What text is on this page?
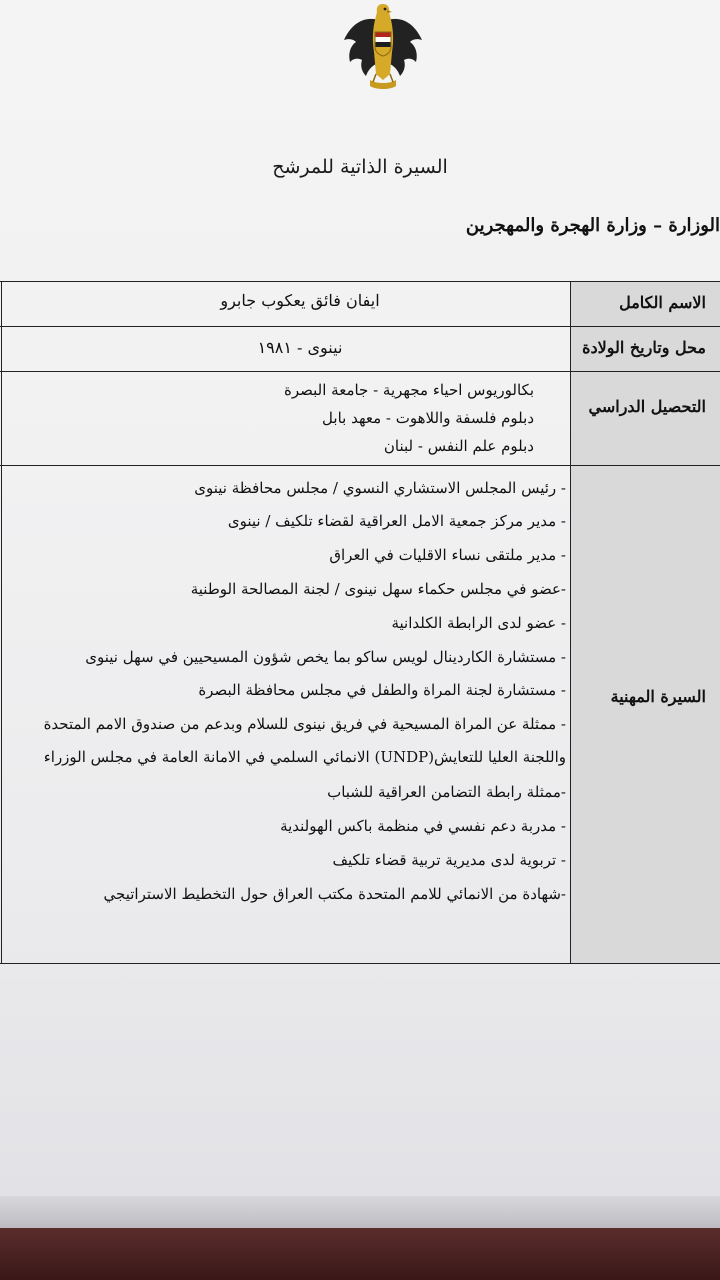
السيرة الذاتية للمرشح
الوزارة – وزارة الهجرة والمهجرين
الاسم الكامل
ايفان فائق يعكوب جابرو
محل وتاريخ الولادة
نينوى - ١٩٨١
التحصيل الدراسي
بكالوريوس احياء مجهرية - جامعة البصرة
دبلوم فلسفة واللاهوت - معهد بابل
دبلوم علم النفس - لبنان
السيرة المهنية
- رئيس المجلس الاستشاري النسوي / مجلس محافظة نينوى
- مدير مركز جمعية الامل العراقية لقضاء تلكيف / نينوى
- مدير ملتقى نساء الاقليات في العراق
-عضو في مجلس حكماء سهل نينوى / لجنة المصالحة الوطنية
- عضو لدى الرابطة الكلدانية
- مستشارة الكاردينال لويس ساكو بما يخص شؤون المسيحيين في سهل نينوى
- مستشارة لجنة المراة والطفل في مجلس محافظة البصرة
- ممثلة عن المراة المسيحية في فريق نينوى للسلام وبدعم من صندوق الامم المتحدة
واللجنة العليا للتعايش(UNDP) الانمائي السلمي في الامانة العامة في مجلس الوزراء
-ممثلة رابطة التضامن العراقية للشباب
- مدربة دعم نفسي في منظمة باكس الهولندية
- تربوية لدى مديرية تربية قضاء تلكيف
-شهادة من الانمائي للامم المتحدة مكتب العراق حول التخطيط الاستراتيجي
